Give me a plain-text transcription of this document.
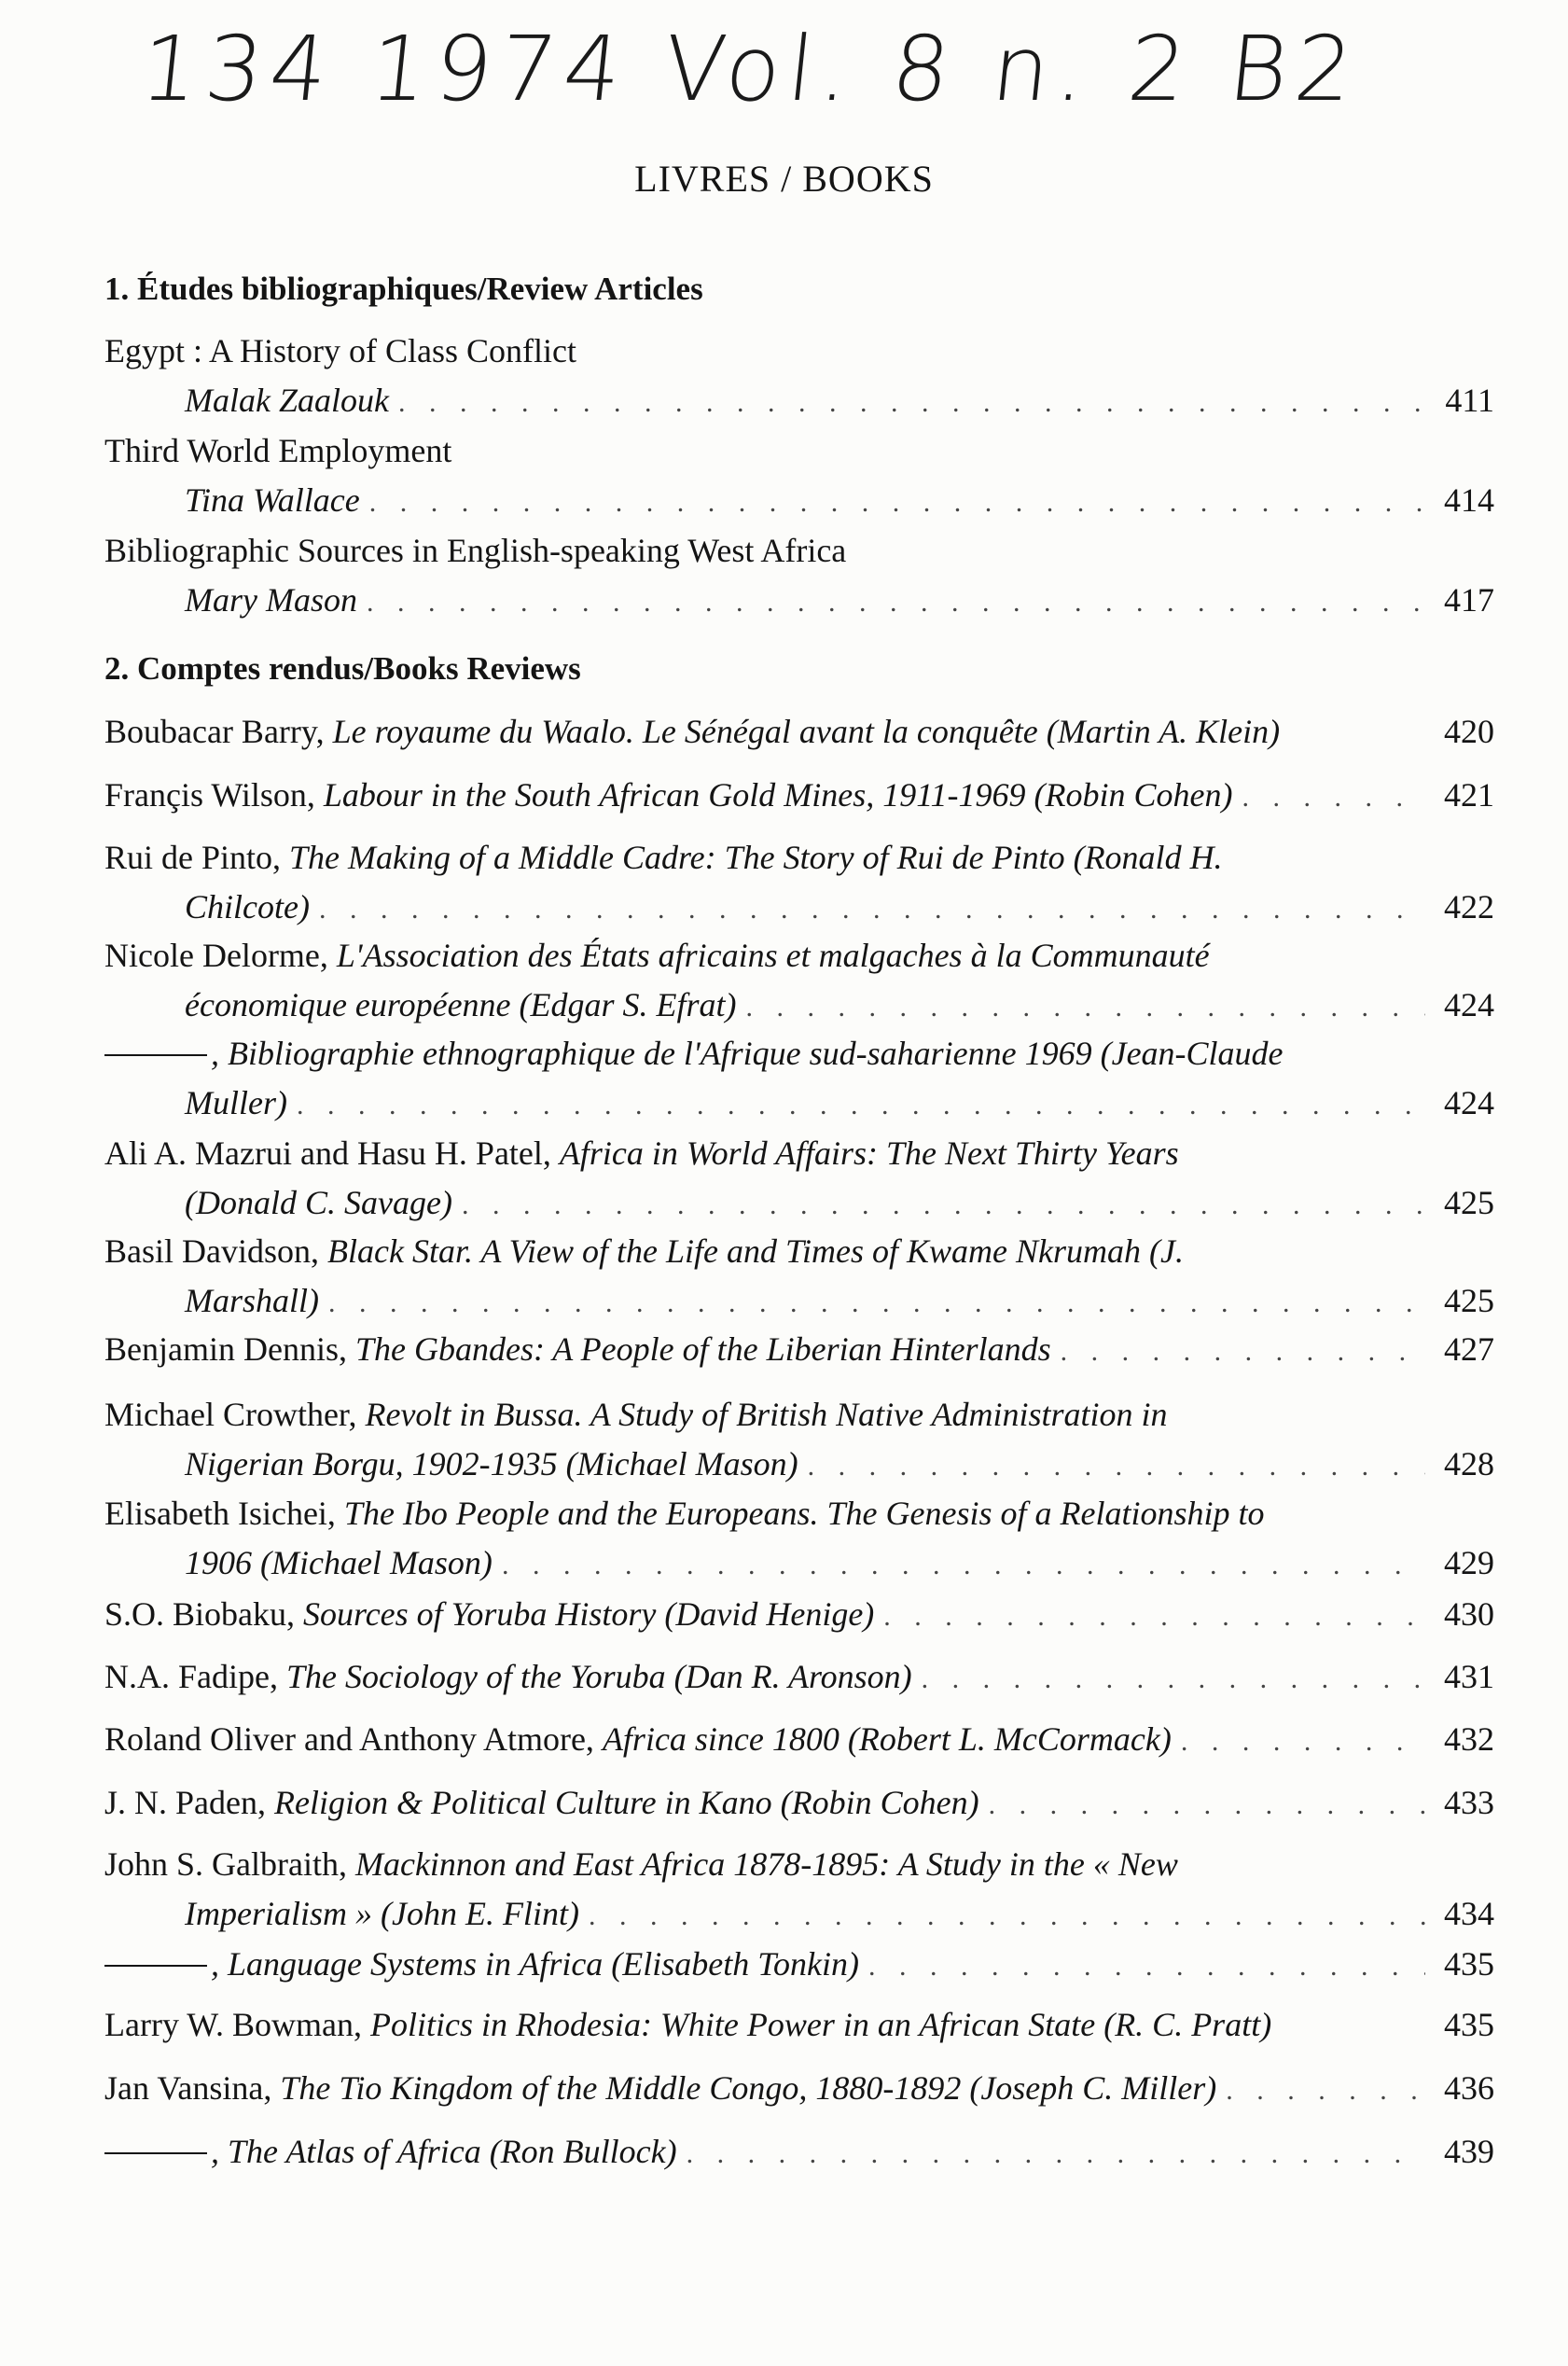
134 1974 Vol. 8 n. 2 B2
LIVRES / BOOKS
1. Études bibliographiques/Review Articles
Egypt : A History of Class Conflict
Malak Zaalouk . . .	411
Third World Employment
Tina Wallace . . .	414
Bibliographic Sources in English-speaking West Africa
Mary Mason . . .	417
2. Comptes rendus/Books Reviews
Boubacar Barry,
Le royaume du Waalo. Le Sénégal avant la conquête (Martin A. Klein)	420
Françis Wilson,
Labour in the South African Gold Mines, 1911-1969 (Robin Cohen) . . .	421
Rui de Pinto,
The Making of a Middle Cadre: The Story of Rui de Pinto (Ronald H.
Chilcote) . . .	422
Nicole Delorme,
L'Association des États africains et malgaches à la Communauté
économique européenne (Edgar S. Efrat) . . .	424
, Bibliographie ethnographique de l'Afrique sud-saharienne 1969 (Jean-Claude
Muller) . . .	424
Ali A. Mazrui and Hasu H. Patel,
Africa in World Affairs: The Next Thirty Years
(Donald C. Savage) . . .	425
Basil Davidson,
Black Star. A View of the Life and Times of Kwame Nkrumah (J.
Marshall) . . .	425
Benjamin Dennis,
The Gbandes: A People of the Liberian Hinterlands . . .	427
Michael Crowther,
Revolt in Bussa. A Study of British Native Administration in
Nigerian Borgu, 1902-1935 (Michael Mason) . . .	428
Elisabeth Isichei,
The Ibo People and the Europeans. The Genesis of a Relationship to
1906 (Michael Mason) . . .	429
S.O. Biobaku,
Sources of Yoruba History (David Henige) . . .	430
N.A. Fadipe,
The Sociology of the Yoruba (Dan R. Aronson) . . .	431
Roland Oliver and Anthony Atmore,
Africa since 1800 (Robert L. McCormack) . . .	432
J. N. Paden,
Religion & Political Culture in Kano (Robin Cohen) . . .	433
John S. Galbraith,
Mackinnon and East Africa 1878-1895: A Study in the « New
Imperialism » (John E. Flint) . . .	434
, Language Systems in Africa (Elisabeth Tonkin) . . .	435
Larry W. Bowman,
Politics in Rhodesia: White Power in an African State (R. C. Pratt)	435
Jan Vansina,
The Tio Kingdom of the Middle Congo, 1880-1892 (Joseph C. Miller) . . .	436
, The Atlas of Africa (Ron Bullock) . . .	439
